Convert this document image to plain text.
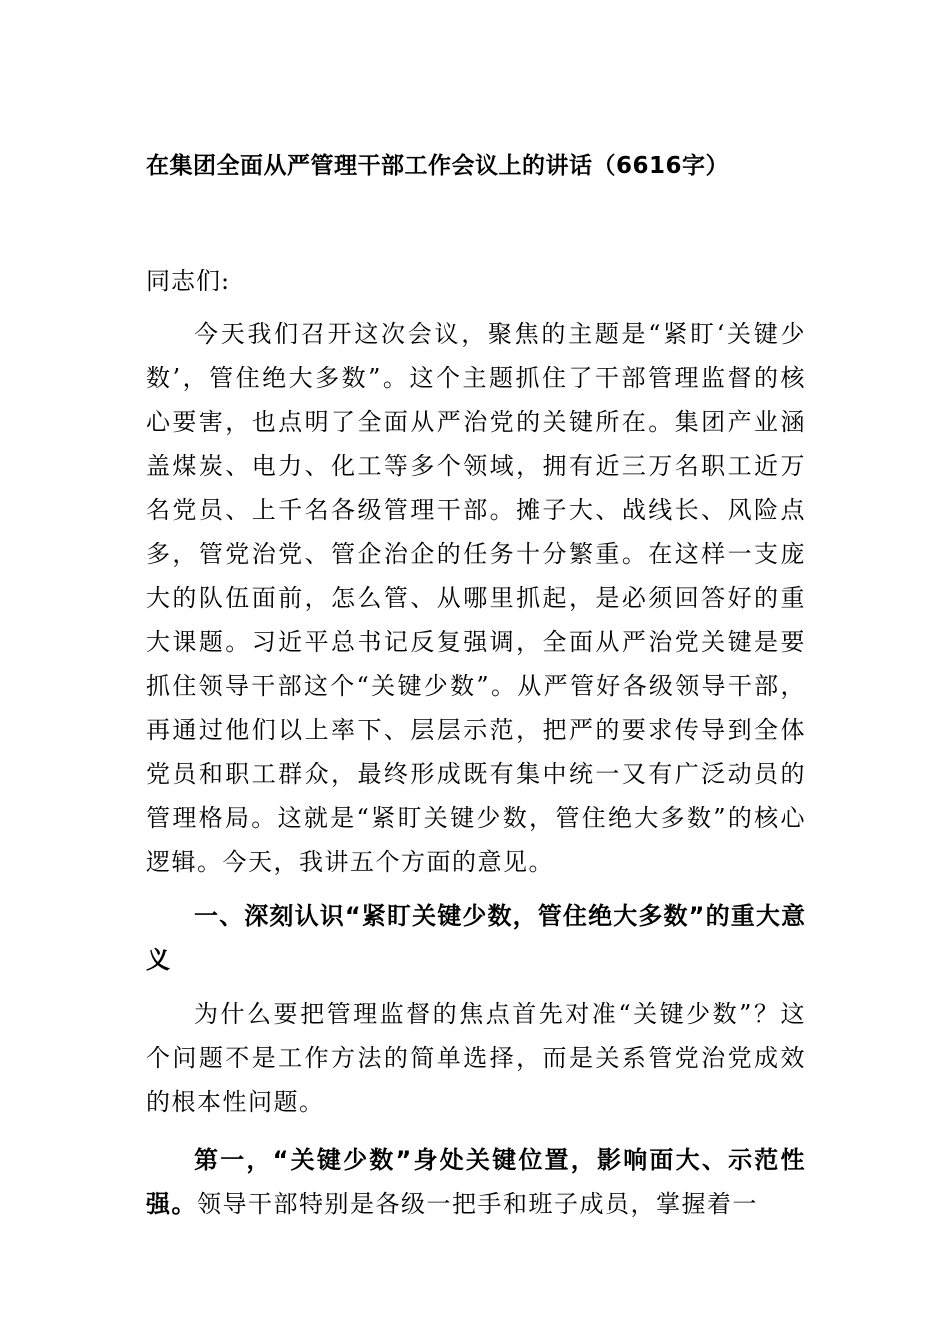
在集团全面从严管理干部工作会议上的讲话（6616字）

同志们:

今天我们召开这次会议，聚焦的主题是“紧盯‘关键少数’，管住绝大多数”。这个主题抓住了干部管理监督的核心要害，也点明了全面从严治党的关键所在。集团产业涵盖煤炭、电力、化工等多个领域，拥有近三万名职工近万名党员、上千名各级管理干部。摊子大、战线长、风险点多，管党治党、管企治企的任务十分繁重。在这样一支庞大的队伍面前，怎么管、从哪里抓起，是必须回答好的重大课题。习近平总书记反复强调，全面从严治党关键是要抓住领导干部这个“关键少数”。从严管好各级领导干部，再通过他们以上率下、层层示范，把严的要求传导到全体党员和职工群众，最终形成既有集中统一又有广泛动员的管理格局。这就是“紧盯关键少数，管住绝大多数”的核心逻辑。今天，我讲五个方面的意见。

一、深刻认识“紧盯关键少数，管住绝大多数”的重大意义

为什么要把管理监督的焦点首先对准“关键少数”？这个问题不是工作方法的简单选择，而是关系管党治党成效的根本性问题。

第一，“关键少数”身处关键位置，影响面大、示范性强。领导干部特别是各级一把手和班子成员，掌握着一
